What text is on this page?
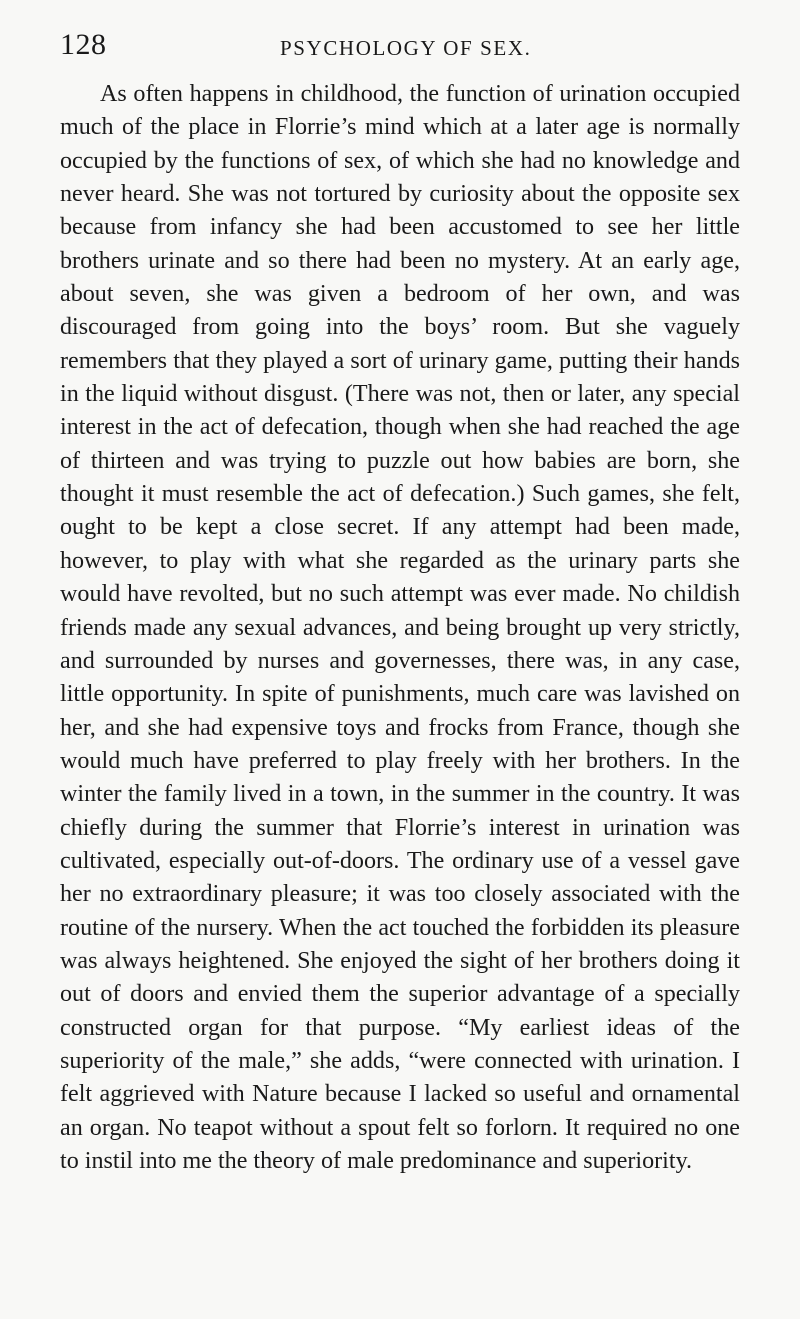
128	PSYCHOLOGY OF SEX.

As often happens in childhood, the function of urination occupied much of the place in Florrie’s mind which at a later age is normally occupied by the functions of sex, of which she had no knowledge and never heard. She was not tortured by curiosity about the opposite sex because from infancy she had been accustomed to see her little brothers urinate and so there had been no mystery. At an early age, about seven, she was given a bedroom of her own, and was discouraged from going into the boys’ room. But she vaguely remembers that they played a sort of urinary game, putting their hands in the liquid without disgust. (There was not, then or later, any special interest in the act of defecation, though when she had reached the age of thirteen and was trying to puzzle out how babies are born, she thought it must resemble the act of defecation.) Such games, she felt, ought to be kept a close secret. If any attempt had been made, however, to play with what she regarded as the urinary parts she would have revolted, but no such attempt was ever made. No childish friends made any sexual advances, and being brought up very strictly, and surrounded by nurses and governesses, there was, in any case, little opportunity. In spite of punishments, much care was lavished on her, and she had expensive toys and frocks from France, though she would much have preferred to play freely with her brothers. In the winter the family lived in a town, in the summer in the country. It was chiefly during the summer that Florrie’s interest in urination was cultivated, especially out-of-doors. The ordinary use of a vessel gave her no extraordinary pleasure; it was too closely associated with the routine of the nursery. When the act touched the forbidden its pleasure was always heightened. She enjoyed the sight of her brothers doing it out of doors and envied them the superior advantage of a specially constructed organ for that purpose. “My earliest ideas of the superiority of the male,” she adds, “were connected with urination. I felt aggrieved with Nature because I lacked so useful and ornamental an organ. No teapot without a spout felt so forlorn. It required no one to instil into me the theory of male predominance and superiority.
